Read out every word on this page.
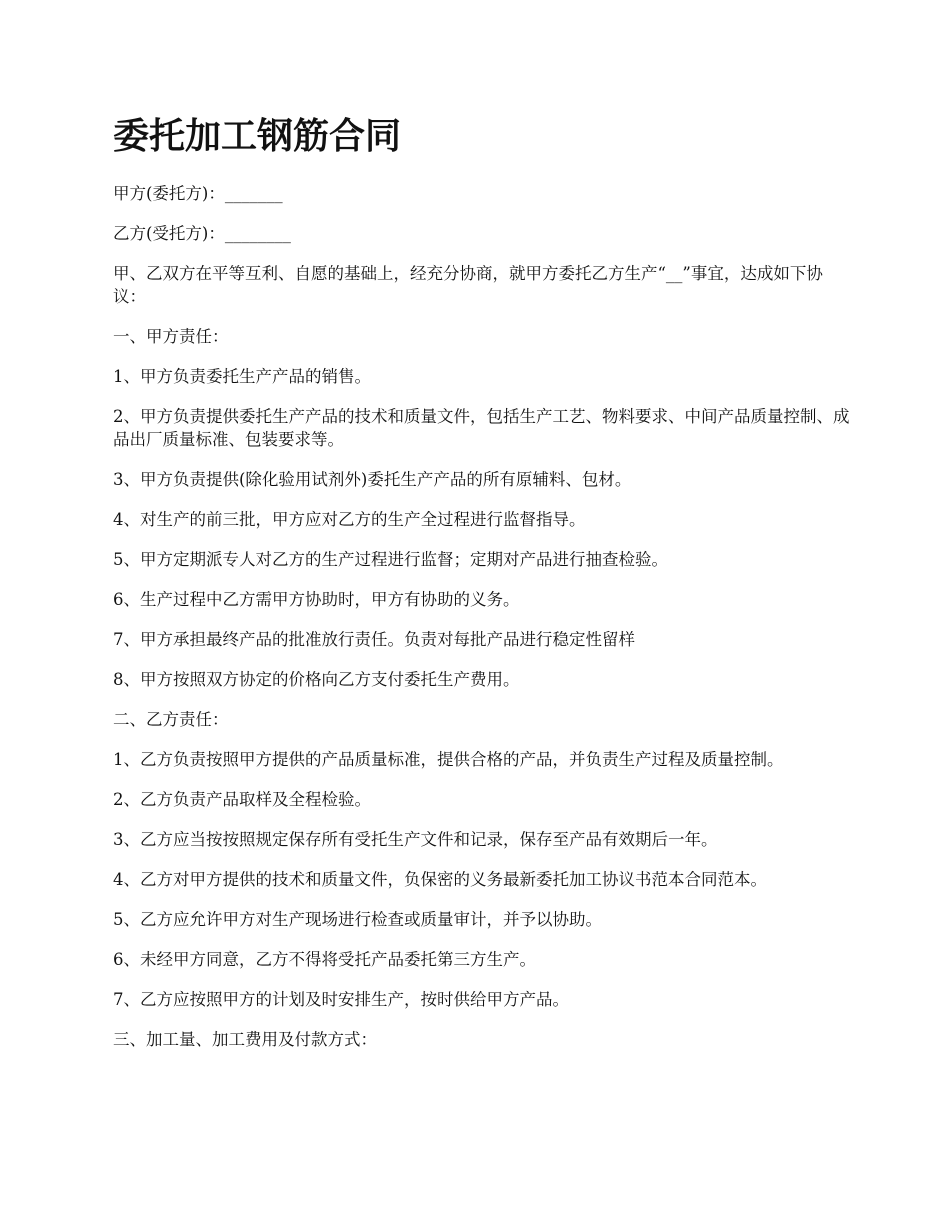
委托加工钢筋合同

甲方(委托方)：_______

乙方(受托方)：________

甲、乙双方在平等互利、自愿的基础上，经充分协商，就甲方委托乙方生产“__”事宜，达成如下协议：

一、甲方责任：

1、甲方负责委托生产产品的销售。

2、甲方负责提供委托生产产品的技术和质量文件，包括生产工艺、物料要求、中间产品质量控制、成品出厂质量标准、包装要求等。

3、甲方负责提供(除化验用试剂外)委托生产产品的所有原辅料、包材。

4、对生产的前三批，甲方应对乙方的生产全过程进行监督指导。

5、甲方定期派专人对乙方的生产过程进行监督；定期对产品进行抽查检验。

6、生产过程中乙方需甲方协助时，甲方有协助的义务。

7、甲方承担最终产品的批准放行责任。负责对每批产品进行稳定性留样

8、甲方按照双方协定的价格向乙方支付委托生产费用。

二、乙方责任：

1、乙方负责按照甲方提供的产品质量标准，提供合格的产品，并负责生产过程及质量控制。

2、乙方负责产品取样及全程检验。

3、乙方应当按按照规定保存所有受托生产文件和记录，保存至产品有效期后一年。

4、乙方对甲方提供的技术和质量文件，负保密的义务最新委托加工协议书范本合同范本。

5、乙方应允许甲方对生产现场进行检查或质量审计，并予以协助。

6、未经甲方同意，乙方不得将受托产品委托第三方生产。

7、乙方应按照甲方的计划及时安排生产，按时供给甲方产品。

三、加工量、加工费用及付款方式：
